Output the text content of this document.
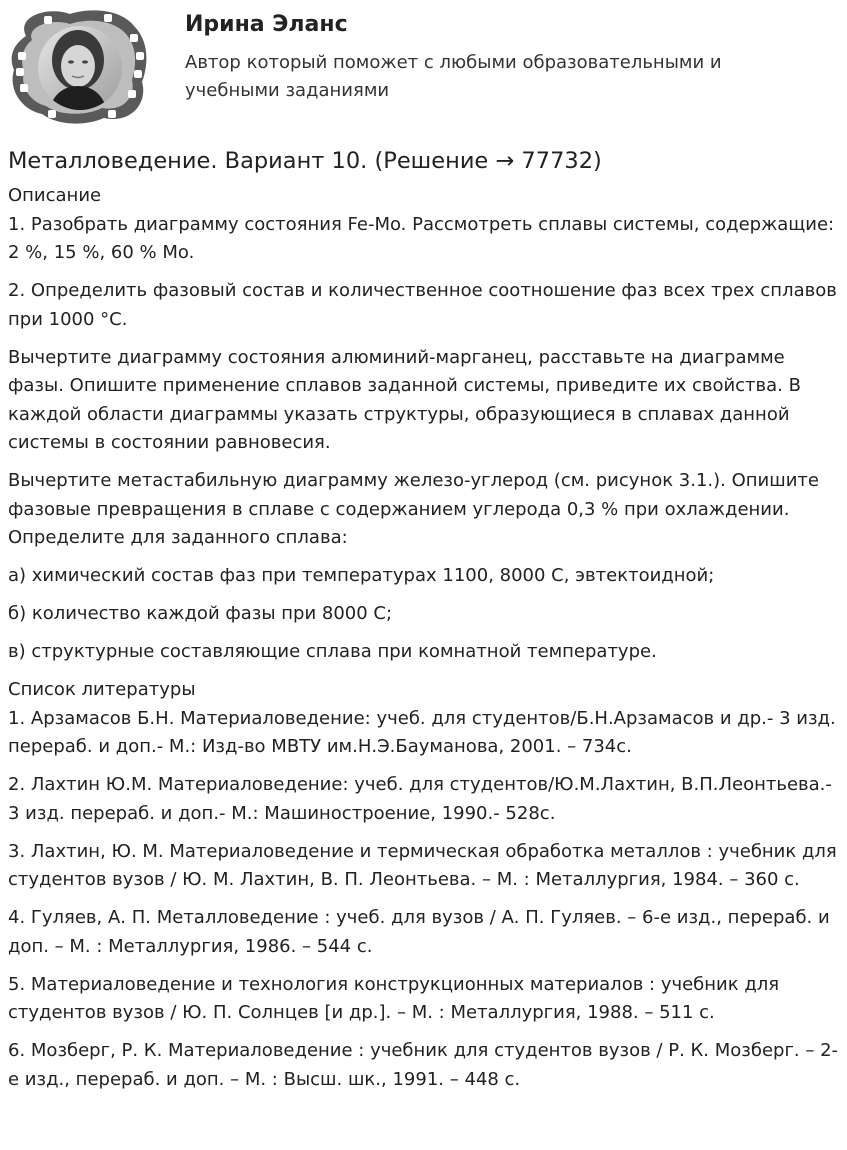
Ирина Эланс
Автор который поможет с любыми образовательными и учебными заданиями
Металловедение. Вариант 10. (Решение → 77732)
Описание

1. Разобрать диаграмму состояния Fe-Mo. Рассмотреть сплавы системы, содержащие: 2 %, 15 %, 60 % Mo.

2. Определить фазовый состав и количественное соотношение фаз всех трех сплавов при 1000 °С.

Вычертите диаграмму состояния алюминий-марганец, расставьте на диаграмме фазы. Опишите применение сплавов заданной системы, приведите их свойства. В каждой области диаграммы указать структуры, образующиеся в сплавах данной системы в состоянии равновесия.

Вычертите метастабильную диаграмму железо-углерод (см. рисунок 3.1.). Опишите фазовые превращения в сплаве с содержанием углерода 0,3 % при охлаждении. Определите для заданного сплава:

а) химический состав фаз при температурах 1100, 8000 С, эвтектоидной;

б) количество каждой фазы при 8000 С;

в) структурные составляющие сплава при комнатной температуре.

Список литературы

1. Арзамасов Б.Н. Материаловедение: учеб. для студентов/Б.Н.Арзамасов и др.- 3 изд. перераб. и доп.- М.: Изд-во МВТУ им.Н.Э.Бауманова, 2001. – 734с.

2. Лахтин Ю.М. Материаловедение: учеб. для студентов/Ю.М.Лахтин, В.П.Леонтьева.- 3 изд. перераб. и доп.- М.: Машиностроение, 1990.- 528с.

3. Лахтин, Ю. М. Материаловедение и термическая обработка металлов : учебник для студентов вузов / Ю. М. Лахтин, В. П. Леонтьева. – М. : Металлургия, 1984. – 360 с.

4. Гуляев, А. П. Металловедение : учеб. для вузов / А. П. Гуляев. – 6-е изд., перераб. и доп. – М. : Металлургия, 1986. – 544 с.

5. Материаловедение и технология конструкционных материалов : учебник для студентов вузов / Ю. П. Солнцев [и др.]. – М. : Металлургия, 1988. – 511 с.

6. Мозберг, Р. К. Материаловедение : учебник для студентов вузов / Р. К. Мозберг. – 2-е изд., перераб. и доп. – М. : Высш. шк., 1991. – 448 с.
